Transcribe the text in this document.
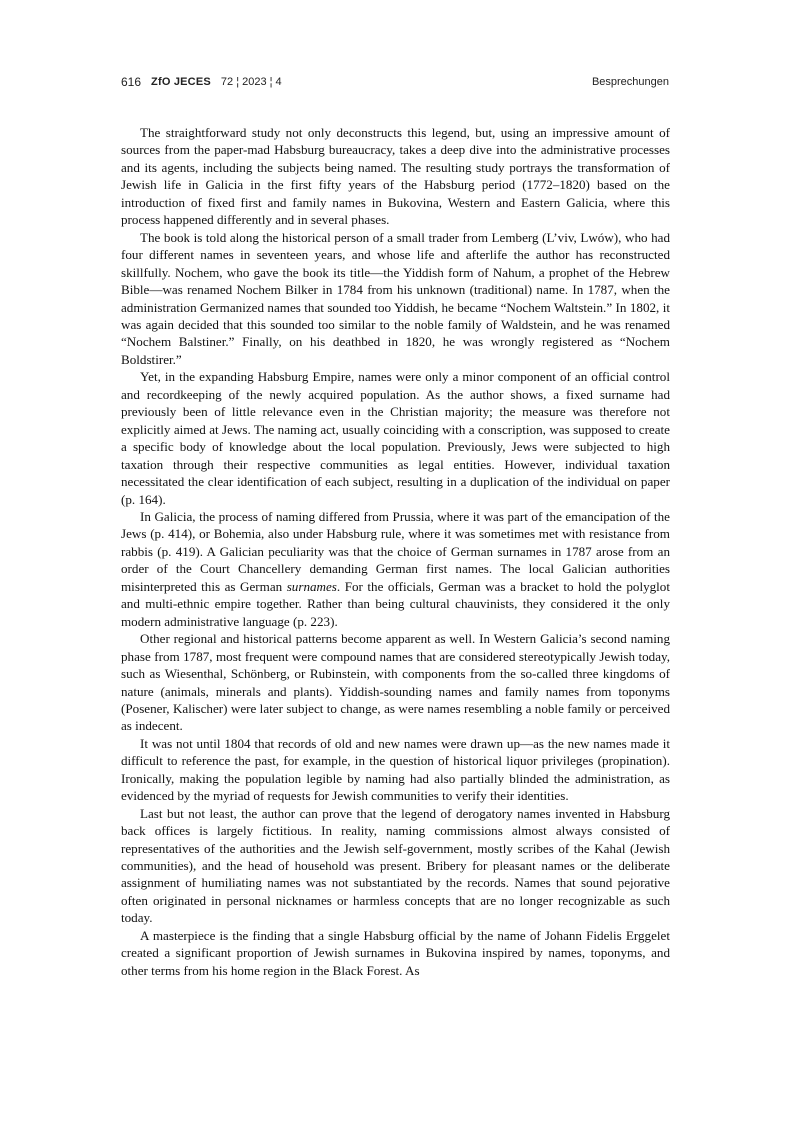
616 ZfO JECES 72 ¦ 2023 ¦ 4	Besprechungen

The straightforward study not only deconstructs this legend, but, using an impressive amount of sources from the paper-mad Habsburg bureaucracy, takes a deep dive into the administrative processes and its agents, including the subjects being named. The resulting study portrays the transformation of Jewish life in Galicia in the first fifty years of the Habsburg period (1772–1820) based on the introduction of fixed first and family names in Bukovina, Western and Eastern Galicia, where this process happened differently and in several phases.

The book is told along the historical person of a small trader from Lemberg (L’viv, Lwów), who had four different names in seventeen years, and whose life and afterlife the author has reconstructed skillfully. Nochem, who gave the book its title—the Yiddish form of Nahum, a prophet of the Hebrew Bible—was renamed Nochem Bilker in 1784 from his unknown (traditional) name. In 1787, when the administration Germanized names that sounded too Yiddish, he became “Nochem Waltstein.” In 1802, it was again decided that this sounded too similar to the noble family of Waldstein, and he was renamed “Nochem Balstiner.” Finally, on his deathbed in 1820, he was wrongly registered as “Nochem Boldstirer.”

Yet, in the expanding Habsburg Empire, names were only a minor component of an official control and recordkeeping of the newly acquired population. As the author shows, a fixed surname had previously been of little relevance even in the Christian majority; the measure was therefore not explicitly aimed at Jews. The naming act, usually coinciding with a conscription, was supposed to create a specific body of knowledge about the local population. Previously, Jews were subjected to high taxation through their respective communities as legal entities. However, individual taxation necessitated the clear identification of each subject, resulting in a duplication of the individual on paper (p. 164).

In Galicia, the process of naming differed from Prussia, where it was part of the emancipation of the Jews (p. 414), or Bohemia, also under Habsburg rule, where it was sometimes met with resistance from rabbis (p. 419). A Galician peculiarity was that the choice of German surnames in 1787 arose from an order of the Court Chancellery demanding German first names. The local Galician authorities misinterpreted this as German surnames. For the officials, German was a bracket to hold the polyglot and multi-ethnic empire together. Rather than being cultural chauvinists, they considered it the only modern administrative language (p. 223).

Other regional and historical patterns become apparent as well. In Western Galicia’s second naming phase from 1787, most frequent were compound names that are considered stereotypically Jewish today, such as Wiesenthal, Schönberg, or Rubinstein, with components from the so-called three kingdoms of nature (animals, minerals and plants). Yiddish-sounding names and family names from toponyms (Posener, Kalischer) were later subject to change, as were names resembling a noble family or perceived as indecent.

It was not until 1804 that records of old and new names were drawn up—as the new names made it difficult to reference the past, for example, in the question of historical liquor privileges (propination). Ironically, making the population legible by naming had also partially blinded the administration, as evidenced by the myriad of requests for Jewish communities to verify their identities.

Last but not least, the author can prove that the legend of derogatory names invented in Habsburg back offices is largely fictitious. In reality, naming commissions almost always consisted of representatives of the authorities and the Jewish self-government, mostly scribes of the Kahal (Jewish communities), and the head of household was present. Bribery for pleasant names or the deliberate assignment of humiliating names was not substantiated by the records. Names that sound pejorative often originated in personal nicknames or harmless concepts that are no longer recognizable as such today.

A masterpiece is the finding that a single Habsburg official by the name of Johann Fidelis Erggelet created a significant proportion of Jewish surnames in Bukovina inspired by names, toponyms, and other terms from his home region in the Black Forest. As
